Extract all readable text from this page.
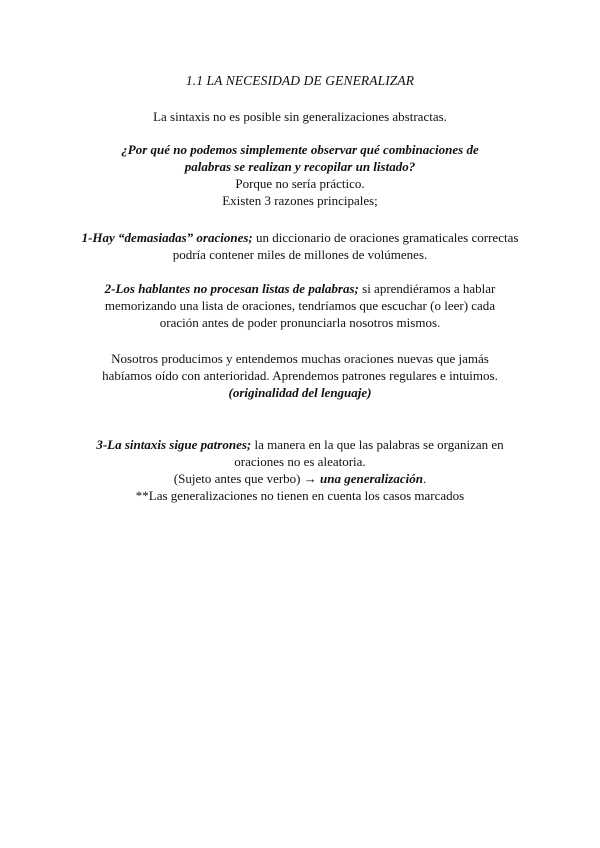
1.1 LA NECESIDAD DE GENERALIZAR
La sintaxis no es posible sin generalizaciones abstractas.
¿Por qué no podemos simplemente observar qué combinaciones de
palabras se realizan y recopilar un listado?
Porque no sería práctico.
Existen 3 razones principales;
1-Hay “demasiadas” oraciones; un diccionario de oraciones gramaticales correctas
podría contener miles de millones de volúmenes.
2-Los hablantes no procesan listas de palabras; si aprendiéramos a hablar
memorizando una lista de oraciones, tendríamos que escuchar (o leer) cada
oración antes de poder pronunciarla nosotros mismos.
Nosotros producimos y entendemos muchas oraciones nuevas que jamás
habíamos oído con anterioridad. Aprendemos patrones regulares e intuimos.
(originalidad del lenguaje)
3-La sintaxis sigue patrones; la manera en la que las palabras se organizan en
oraciones no es aleatoria.
(Sujeto antes que verbo) → una generalización.
**Las generalizaciones no tienen en cuenta los casos marcados
